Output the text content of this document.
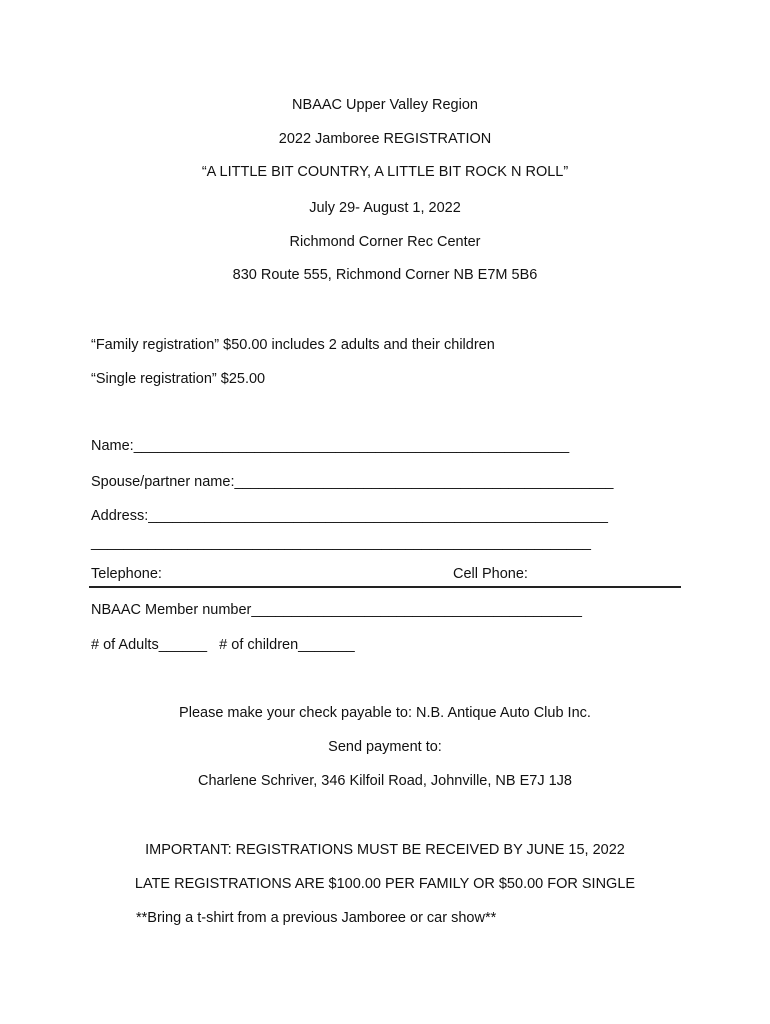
NBAAC Upper Valley Region
2022 Jamboree REGISTRATION
“A LITTLE BIT COUNTRY, A LITTLE BIT ROCK N ROLL”
July 29- August 1, 2022
Richmond Corner Rec Center
830 Route 555, Richmond Corner NB E7M 5B6
“Family registration” $50.00 includes 2 adults and their children
“Single registration” $25.00
Name:______________________________________________________
Spouse/partner name:_______________________________________________
Address:_________________________________________________________
______________________________________________________________
Telephone:	Cell Phone:
NBAAC Member number_________________________________________
# of Adults______   # of children_______
Please make your check payable to: N.B. Antique Auto Club Inc.
Send payment to:
Charlene Schriver, 346 Kilfoil Road, Johnville, NB E7J 1J8
IMPORTANT: REGISTRATIONS MUST BE RECEIVED BY JUNE 15, 2022
LATE REGISTRATIONS ARE $100.00 PER FAMILY OR $50.00 FOR SINGLE
**Bring a t-shirt from a previous Jamboree or car show**
